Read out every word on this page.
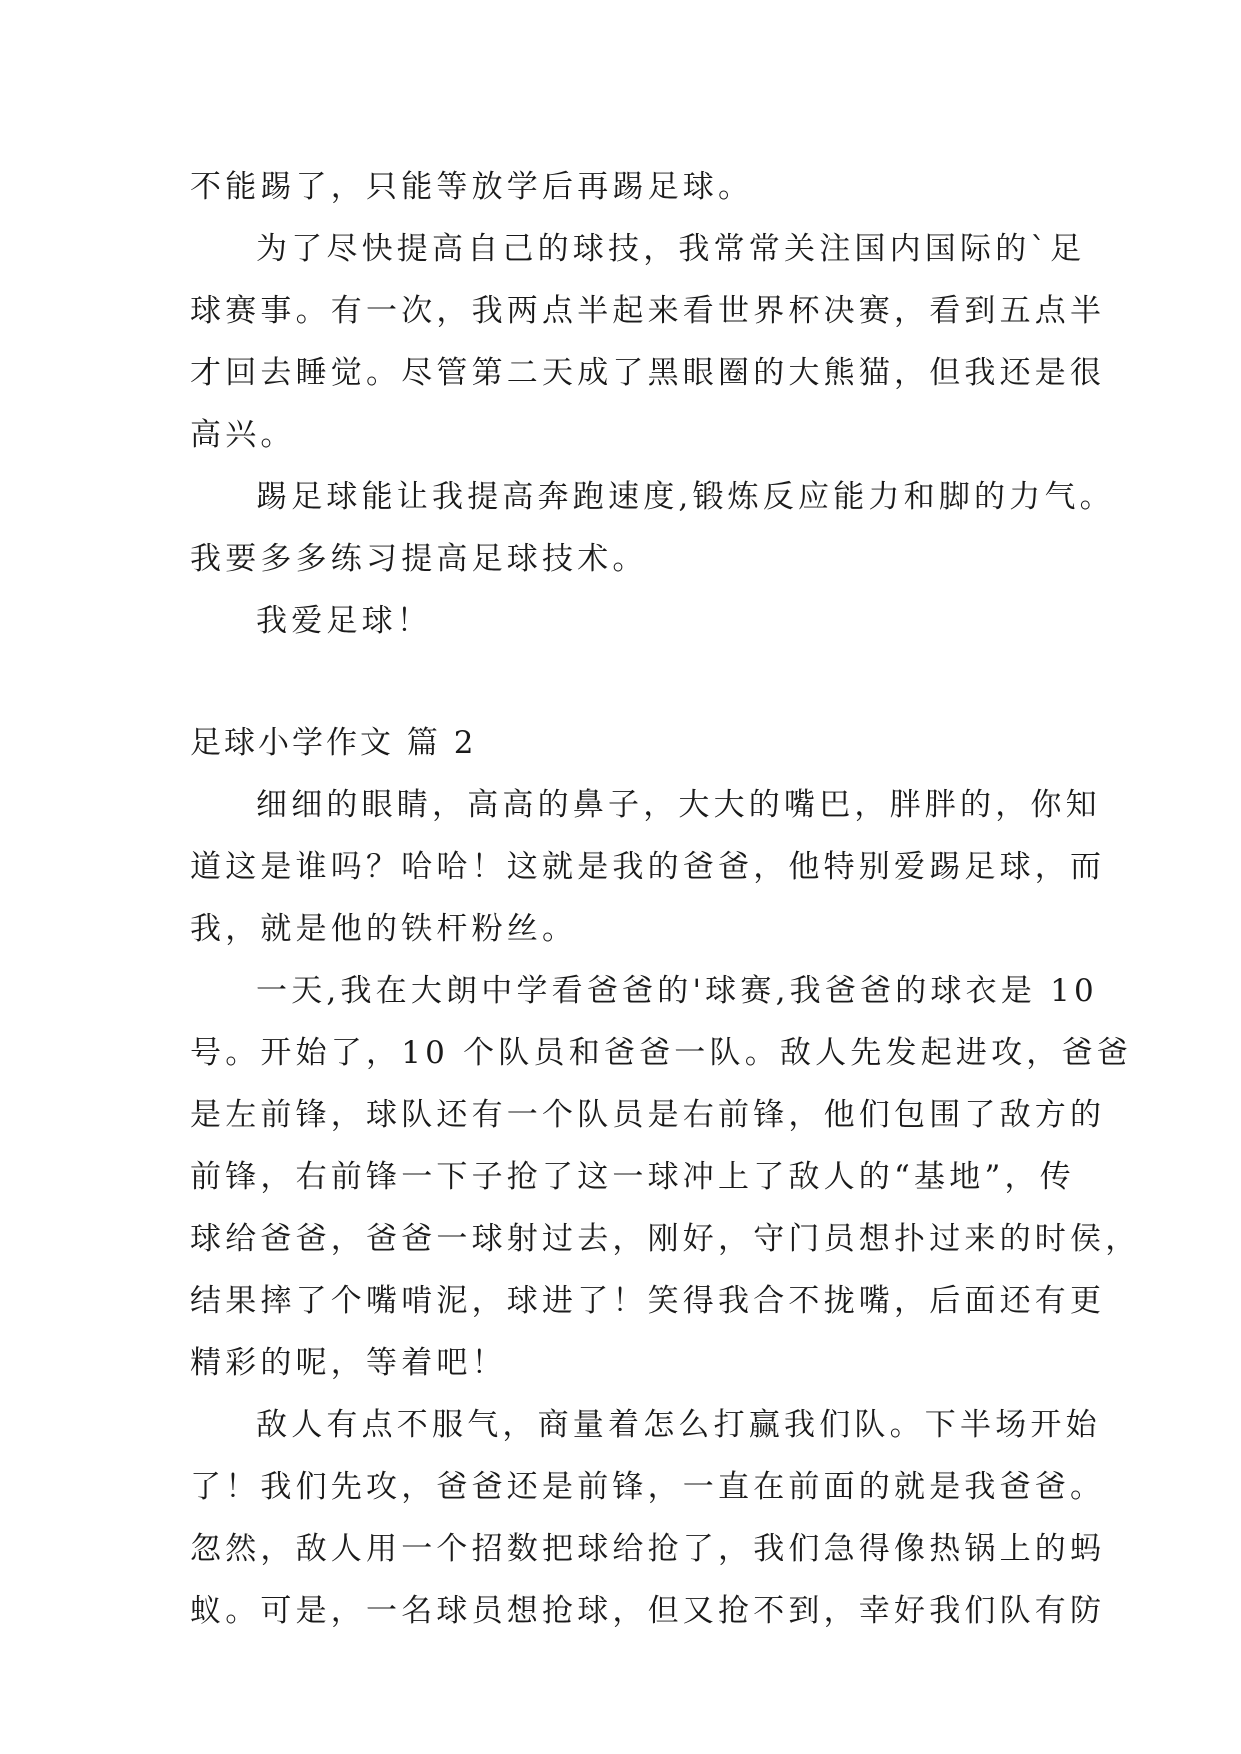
不能踢了，只能等放学后再踢足球。
为了尽快提高自己的球技，我常常关注国内国际的`足
球赛事。有一次，我两点半起来看世界杯决赛，看到五点半
才回去睡觉。尽管第二天成了黑眼圈的大熊猫，但我还是很
高兴。
踢足球能让我提高奔跑速度,锻炼反应能力和脚的力气。
我要多多练习提高足球技术。
我爱足球！
足球小学作文 篇 2
细细的眼睛，高高的鼻子，大大的嘴巴，胖胖的，你知
道这是谁吗？哈哈！这就是我的爸爸，他特别爱踢足球，而
我，就是他的铁杆粉丝。
一天,我在大朗中学看爸爸的'球赛,我爸爸的球衣是 10
号。开始了，10 个队员和爸爸一队。敌人先发起进攻，爸爸
是左前锋，球队还有一个队员是右前锋，他们包围了敌方的
前锋，右前锋一下子抢了这一球冲上了敌人的“基地”，传
球给爸爸，爸爸一球射过去，刚好，守门员想扑过来的时侯，
结果摔了个嘴啃泥，球进了！笑得我合不拢嘴，后面还有更
精彩的呢，等着吧！
敌人有点不服气，商量着怎么打赢我们队。下半场开始
了！我们先攻，爸爸还是前锋，一直在前面的就是我爸爸。
忽然，敌人用一个招数把球给抢了，我们急得像热锅上的蚂
蚁。可是，一名球员想抢球，但又抢不到，幸好我们队有防
